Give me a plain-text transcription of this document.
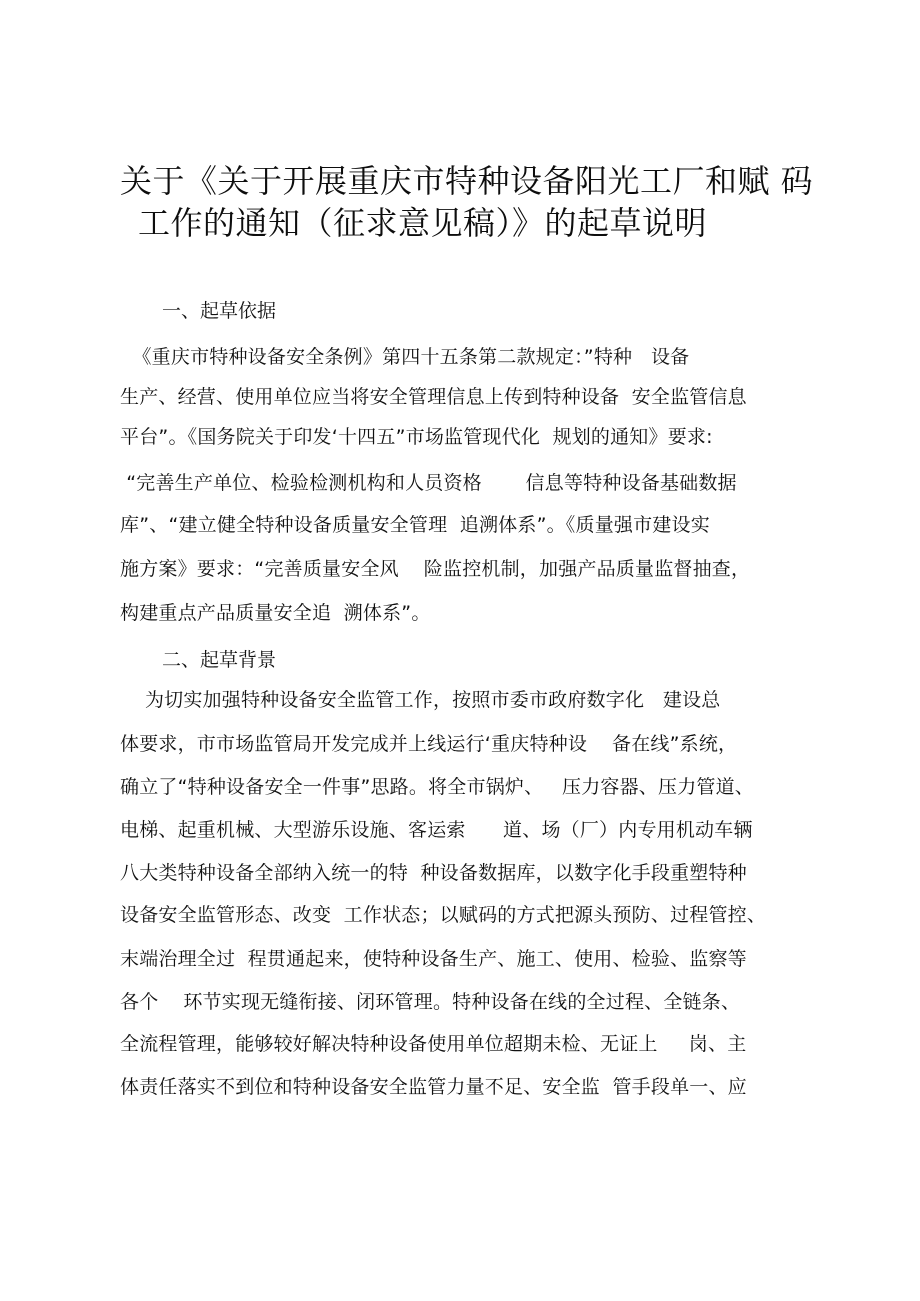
关于《关于开展重庆市特种设备阳光工厂和赋 码
工作的通知（征求意见稿）》的起草说明
一、起草依据
《重庆市特种设备安全条例》第四十五条第二款规定：”特种   设备
生产、经营、使用单位应当将安全管理信息上传到特种设备  安全监管信息
平台”。《国务院关于印发‘十四五”市场监管现代化  规划的通知》要求:
“完善生产单位、检验检测机构和人员资格       信息等特种设备基础数据
库”、“建立健全特种设备质量安全管理  追溯体系”。《质量强市建设实
施方案》要求：“完善质量安全风    险监控机制，加强产品质量监督抽查，
构建重点产品质量安全追  溯体系”。
二、起草背景
为切实加强特种设备安全监管工作，按照市委市政府数字化   建设总
体要求，市市场监管局开发完成并上线运行‘重庆特种设    备在线”系统，
确立了“特种设备安全一件事”思路。将全市锅炉、   压力容器、压力管道、
电梯、起重机械、大型游乐设施、客运索      道、场（厂）内专用机动车辆
八大类特种设备全部纳入统一的特  种设备数据库，以数字化手段重塑特种
设备安全监管形态、改变  工作状态；以赋码的方式把源头预防、过程管控、
末端治理全过  程贯通起来，使特种设备生产、施工、使用、检验、监察等
各个    环节实现无缝衔接、闭环管理。特种设备在线的全过程、全链条、
全流程管理，能够较好解决特种设备使用单位超期未检、无证上     岗、主
体责任落实不到位和特种设备安全监管力量不足、安全监  管手段单一、应
